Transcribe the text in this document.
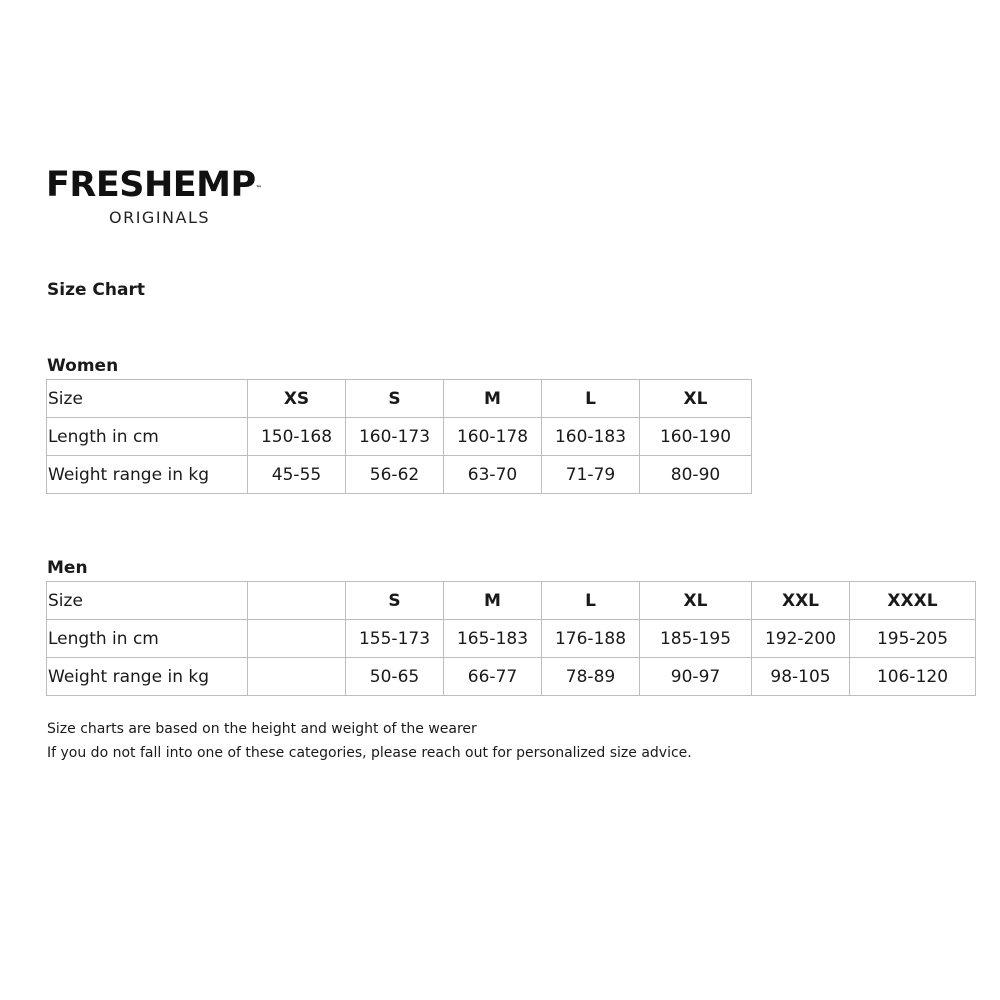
FRESHEMP™
ORIGINALS
Size Chart
Women
Size	XS	S	M	L	XL
Length in cm	150-168	160-173	160-178	160-183	160-190
Weight range in kg	45-55	56-62	63-70	71-79	80-90
Men
Size		S	M	L	XL	XXL	XXXL
Length in cm		155-173	165-183	176-188	185-195	192-200	195-205
Weight range in kg		50-65	66-77	78-89	90-97	98-105	106-120

Size charts are based on the height and weight of the wearer

If you do not fall into one of these categories, please reach out for personalized size advice.
